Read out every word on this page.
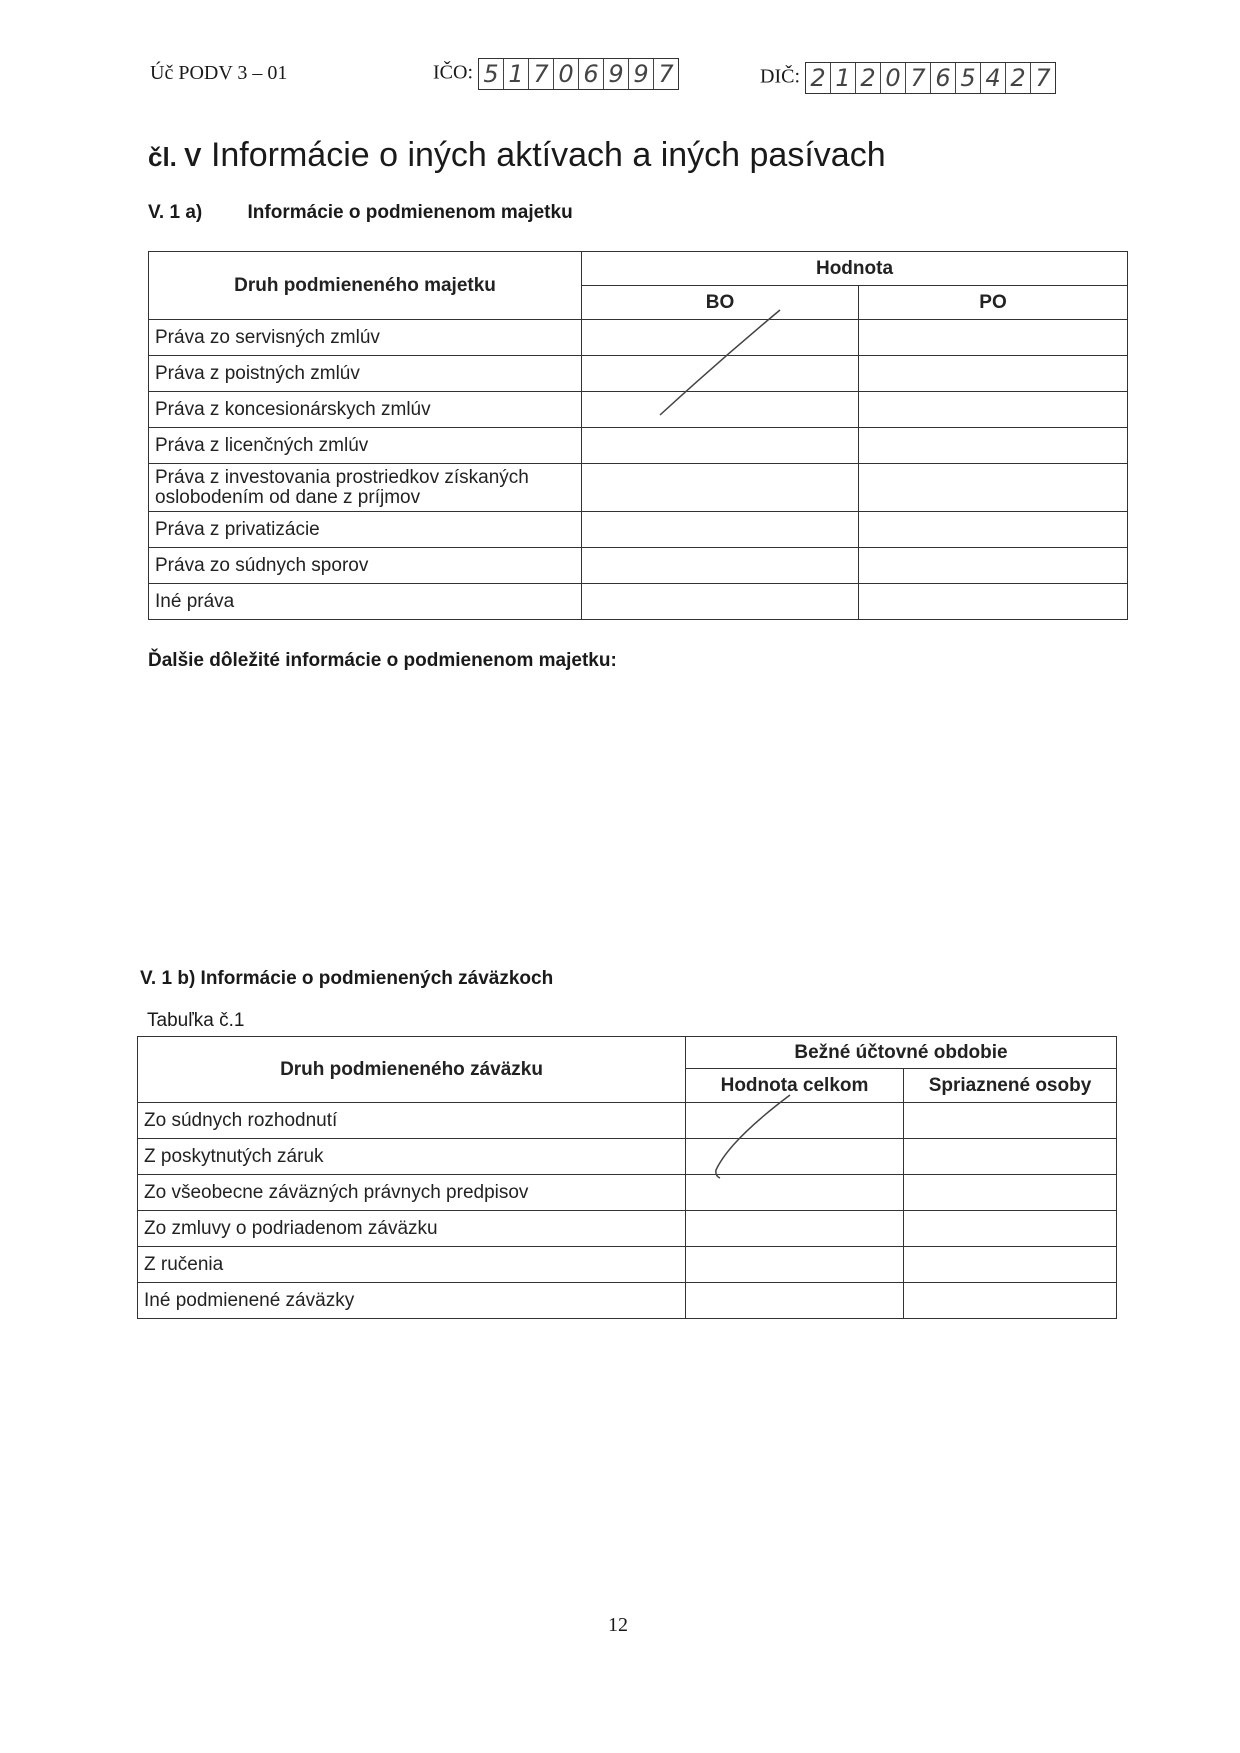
Úč PODV 3 – 01	IČO: 5 1 7 0 6 9 9 7	DIČ: 2 1 2 0 7 6 5 4 2 7
čl. V Informácie o iných aktívach a iných pasívach
V. 1 a) Informácie o podmienenom majetku
Druh podmieneného majetku	Hodnota	
	BO	PO
Práva zo servisných zmlúv		
Práva z poistných zmlúv		
Práva z koncesionárskych zmlúv		
Práva z licenčných zmlúv		
Práva z investovania prostriedkov získaných oslobodením od dane z príjmov		
Práva z privatizácie		
Práva zo súdnych sporov		
Iné práva		
Ďalšie dôležité informácie o podmienenom majetku:
V. 1 b) Informácie o podmienených záväzkoch
Tabuľka č.1
Druh podmieneného záväzku	Bežné účtovné obdobie	
	Hodnota celkom	Spriaznené osoby
Zo súdnych rozhodnutí		
Z poskytnutých záruk		
Zo všeobecne záväzných právnych predpisov		
Zo zmluvy o podriadenom záväzku		
Z ručenia		
Iné podmienené záväzky		
12
